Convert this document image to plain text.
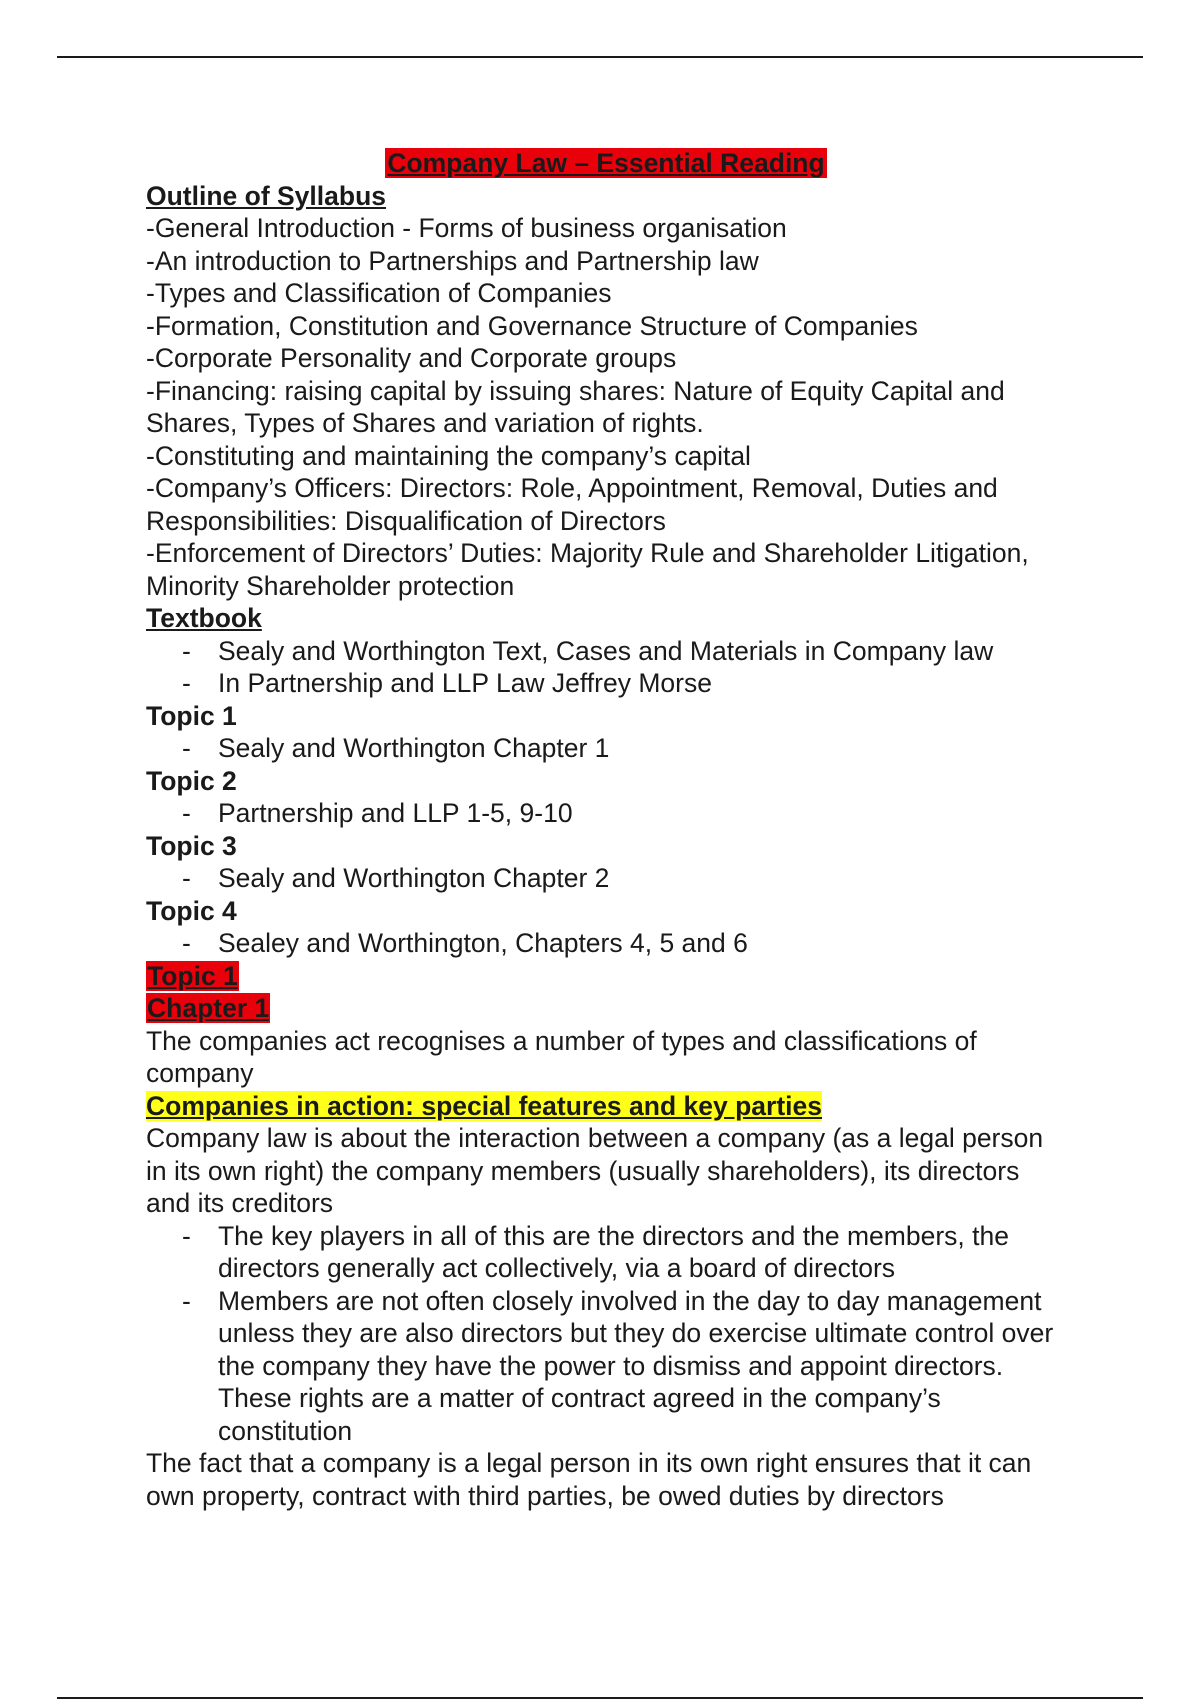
Company Law – Essential Reading
Outline of Syllabus
-General Introduction - Forms of business organisation
-An introduction to Partnerships and Partnership law
-Types and Classification of Companies
-Formation, Constitution and Governance Structure of Companies
-Corporate Personality and Corporate groups
-Financing: raising capital by issuing shares: Nature of Equity Capital and Shares, Types of Shares and variation of rights.
-Constituting and maintaining the company’s capital
-Company’s Officers: Directors: Role, Appointment, Removal, Duties and Responsibilities: Disqualification of Directors
-Enforcement of Directors’ Duties: Majority Rule and Shareholder Litigation, Minority Shareholder protection
Textbook
- Sealy and Worthington Text, Cases and Materials in Company law
- In Partnership and LLP Law Jeffrey Morse
Topic 1
- Sealy and Worthington Chapter 1
Topic 2
- Partnership and LLP 1-5, 9-10
Topic 3
- Sealy and Worthington Chapter 2
Topic 4
- Sealey and Worthington, Chapters 4, 5 and 6
Topic 1
Chapter 1
The companies act recognises a number of types and classifications of company
Companies in action: special features and key parties
Company law is about the interaction between a company (as a legal person in its own right) the company members (usually shareholders), its directors and its creditors
- The key players in all of this are the directors and the members, the directors generally act collectively, via a board of directors
- Members are not often closely involved in the day to day management unless they are also directors but they do exercise ultimate control over the company they have the power to dismiss and appoint directors. These rights are a matter of contract agreed in the company’s constitution
The fact that a company is a legal person in its own right ensures that it can own property, contract with third parties, be owed duties by directors
